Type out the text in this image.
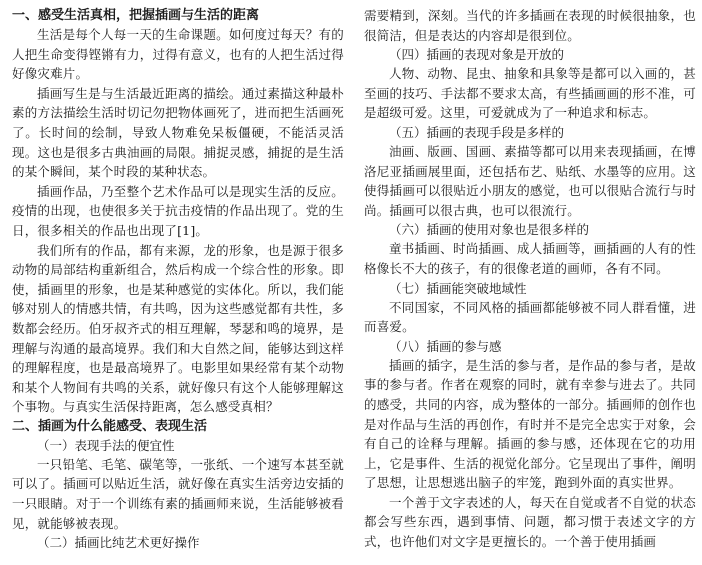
一、感受生活真相，把握插画与生活的距离
生活是每个人每一天的生命课题。如何度过每天？有的人把生命变得铿锵有力，过得有意义，也有的人把生活过得好像灾难片。
插画写生是与生活最近距离的描绘。通过素描这种最朴素的方法描绘生活时切记勿把物体画死了，进而把生活画死了。长时间的绘制，导致人物难免呆板僵硬，不能活灵活现。这也是很多古典油画的局限。捕捉灵感，捕捉的是生活的某个瞬间，某个时段的某种状态。
插画作品，乃至整个艺术作品可以是现实生活的反应。疫情的出现，也使很多关于抗击疫情的作品出现了。党的生日，很多相关的作品也出现了[1]。
我们所有的作品，都有来源，龙的形象，也是源于很多动物的局部结构重新组合，然后构成一个综合性的形象。即使，插画里的形象，也是某种感觉的实体化。所以，我们能够对别人的情感共情，有共鸣，因为这些感觉都有共性，多数都会经历。伯牙叔齐式的相互理解，琴瑟和鸣的境界，是理解与沟通的最高境界。我们和大自然之间，能够达到这样的理解程度，也是最高境界了。电影里如果经常有某个动物和某个人物间有共鸣的关系，就好像只有这个人能够理解这个事物。与真实生活保持距离，怎么感受真相？
二、插画为什么能感受、表现生活
（一）表现手法的便宜性
一只铅笔、毛笔、碳笔等，一张纸、一个速写本甚至就可以了。插画可以贴近生活，就好像在真实生活旁边安插的一只眼睛。对于一个训练有素的插画师来说，生活能够被看见，就能够被表现。
（二）插画比纯艺术更好操作
需要精到，深刻。当代的许多插画在表现的时候很抽象，也很简洁，但是表达的内容却是很到位。
（四）插画的表现对象是开放的
人物、动物、昆虫、抽象和具象等是都可以入画的，甚至画的技巧、手法都不要求太高，有些插画画的形不准，可是超级可爱。这里，可爱就成为了一种追求和标志。
（五）插画的表现手段是多样的
油画、版画、国画、素描等都可以用来表现插画，在博洛尼亚插画展里面，还包括布艺、贴纸、水墨等的应用。这使得插画可以很贴近小朋友的感觉，也可以很贴合流行与时尚。插画可以很古典，也可以很流行。
（六）插画的使用对象也是很多样的
童书插画、时尚插画、成人插画等，画插画的人有的性格像长不大的孩子，有的很像老道的画师，各有不同。
（七）插画能突破地域性
不同国家，不同风格的插画都能够被不同人群看懂，进而喜爱。
（八）插画的参与感
插画的插字，是生活的参与者，是作品的参与者，是故事的参与者。作者在观察的同时，就有幸参与进去了。共同的感受，共同的内容，成为整体的一部分。插画师的创作也是对作品与生活的再创作，有时并不是完全忠实于对象，会有自己的诠释与理解。插画的参与感，还体现在它的功用上，它是事件、生活的视觉化部分。它呈现出了事件，阐明了思想，让思想逃出脑子的牢笼，跑到外面的真实世界。
一个善于文字表述的人，每天在自觉或者不自觉的状态都会写些东西，遇到事情、问题，都习惯于表述文字的方式，也许他们对文字是更擅长的。一个善于使用插画
